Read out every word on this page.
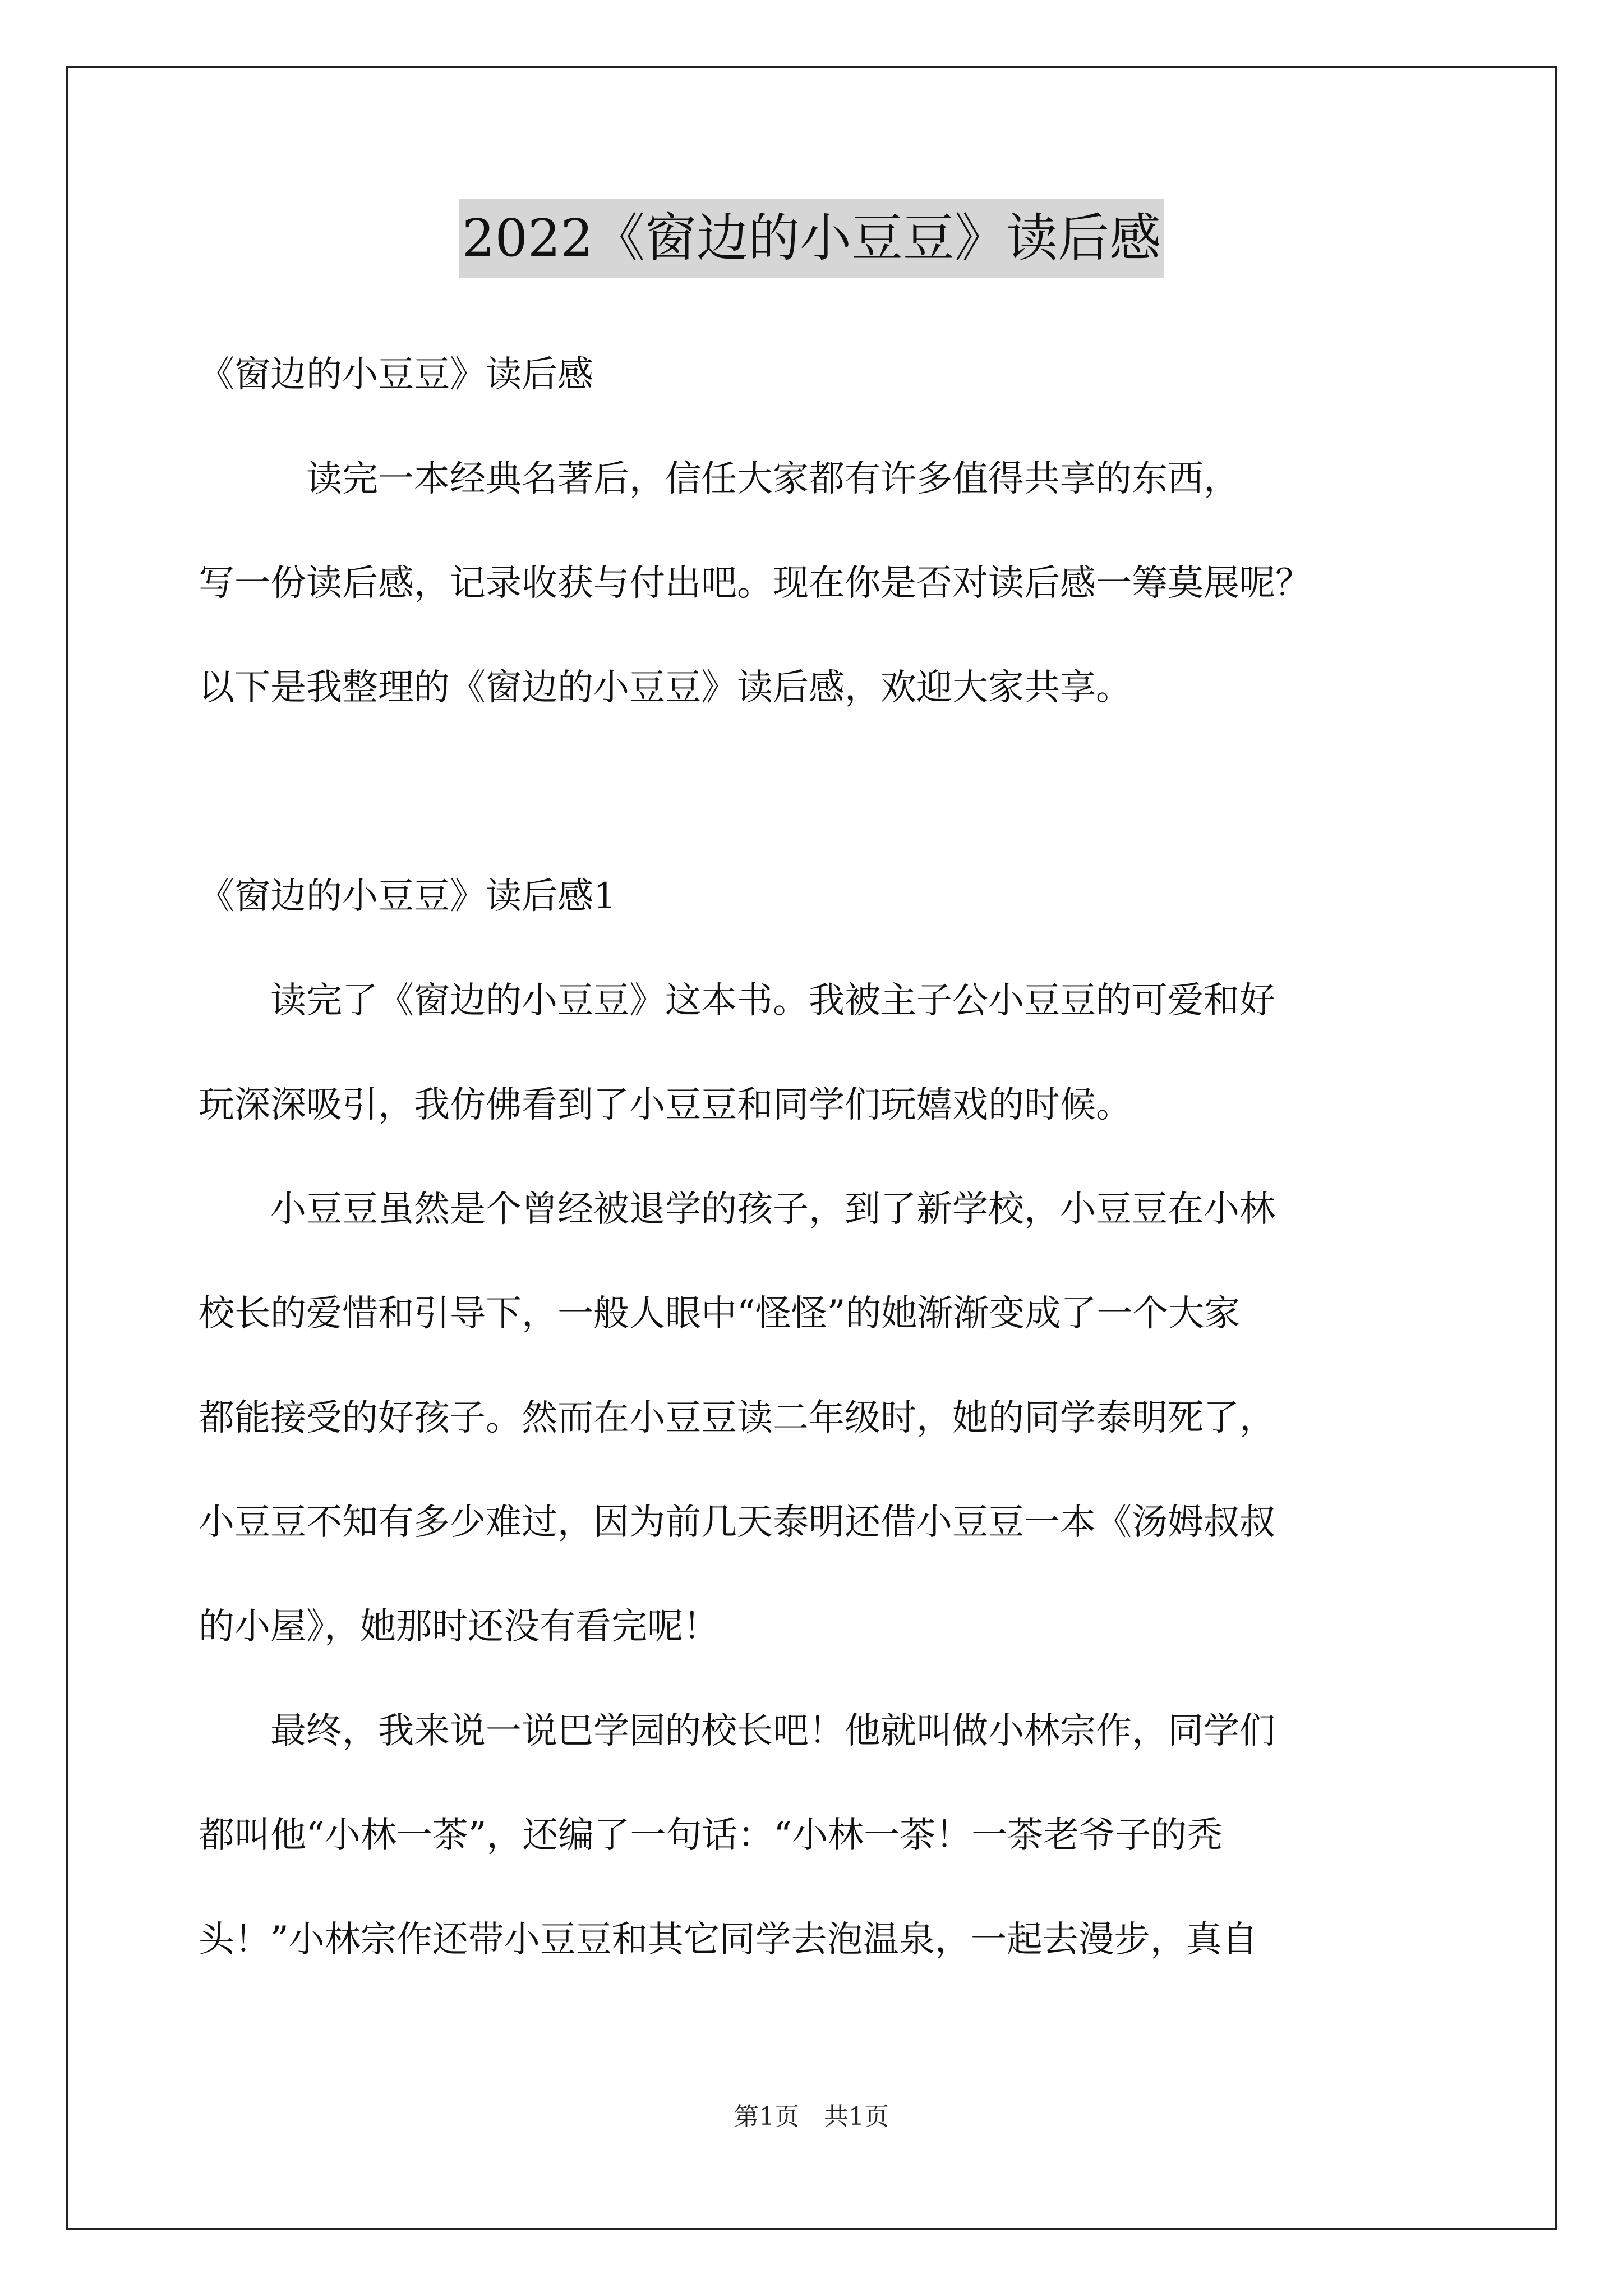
2022《窗边的小豆豆》读后感
《窗边的小豆豆》读后感
　　　读完一本经典名著后，信任大家都有许多值得共享的东西，
写一份读后感，记录收获与付出吧。现在你是否对读后感一筹莫展呢？
以下是我整理的《窗边的小豆豆》读后感，欢迎大家共享。
《窗边的小豆豆》读后感1
　　读完了《窗边的小豆豆》这本书。我被主子公小豆豆的可爱和好
玩深深吸引，我仿佛看到了小豆豆和同学们玩嬉戏的时候。
　　小豆豆虽然是个曾经被退学的孩子，到了新学校，小豆豆在小林
校长的爱惜和引导下，一般人眼中“怪怪”的她渐渐变成了一个大家
都能接受的好孩子。然而在小豆豆读二年级时，她的同学泰明死了，
小豆豆不知有多少难过，因为前几天泰明还借小豆豆一本《汤姆叔叔
的小屋》，她那时还没有看完呢！
　　最终，我来说一说巴学园的校长吧！他就叫做小林宗作，同学们
都叫他“小林一茶”，还编了一句话：“小林一茶！一茶老爷子的秃
头！”小林宗作还带小豆豆和其它同学去泡温泉，一起去漫步，真自
第1页　共1页
